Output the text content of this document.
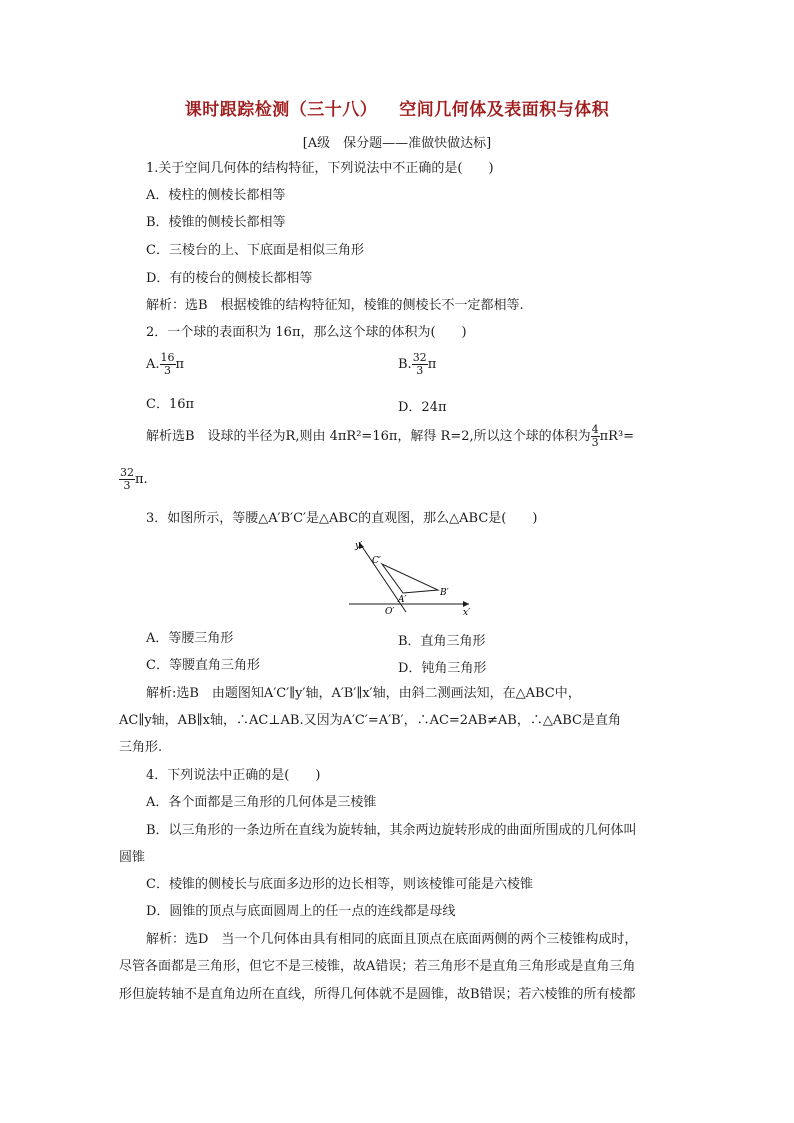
课时跟踪检测（三十八） 空间几何体及表面积与体积
[A级　保分题——准做快做达标]
1.关于空间几何体的结构特征，下列说法中不正确的是(　　)
A．棱柱的侧棱长都相等
B．棱锥的侧棱长都相等
C．三棱台的上、下底面是相似三角形
D．有的棱台的侧棱长都相等
解析：选B　根据棱锥的结构特征知，棱锥的侧棱长不一定都相等.
2．一个球的表面积为 16π，那么这个球的体积为(　　)
A. $\frac{16}{3}$ π	B. $\frac{32}{3}$ π
C．16π	D．24π
解析选B　设球的半径为R,则由 4πR²=16π，解得 R=2,所以这个球的体积为 $\frac{4}{3} \pi R^3=$
$\frac{32}{3} \pi$.
3．如图所示，等腰△A′B′C′是△ABC的直观图，那么△ABC是(　　)
y′
x′
C′
B′
A′
O′
A．等腰三角形	B．直角三角形
C．等腰直角三角形	D．钝角三角形
解析:选B　由题图知A′C′∥y′轴，A′B′∥x′轴，由斜二测画法知，在△ABC中，
AC∥y轴，AB∥x轴，∴AC⊥AB.又因为A′C′=A′B′，∴AC=2AB≠AB，∴△ABC是直角
三角形.
4．下列说法中正确的是(　　)
A．各个面都是三角形的几何体是三棱锥
B．以三角形的一条边所在直线为旋转轴，其余两边旋转形成的曲面所围成的几何体叫
圆锥
C．棱锥的侧棱长与底面多边形的边长相等，则该棱锥可能是六棱锥
D．圆锥的顶点与底面圆周上的任一点的连线都是母线
解析：选D　当一个几何体由具有相同的底面且顶点在底面两侧的两个三棱锥构成时，
尽管各面都是三角形，但它不是三棱锥，故A错误；若三角形不是直角三角形或是直角三角
形但旋转轴不是直角边所在直线，所得几何体就不是圆锥，故B错误；若六棱锥的所有棱都
